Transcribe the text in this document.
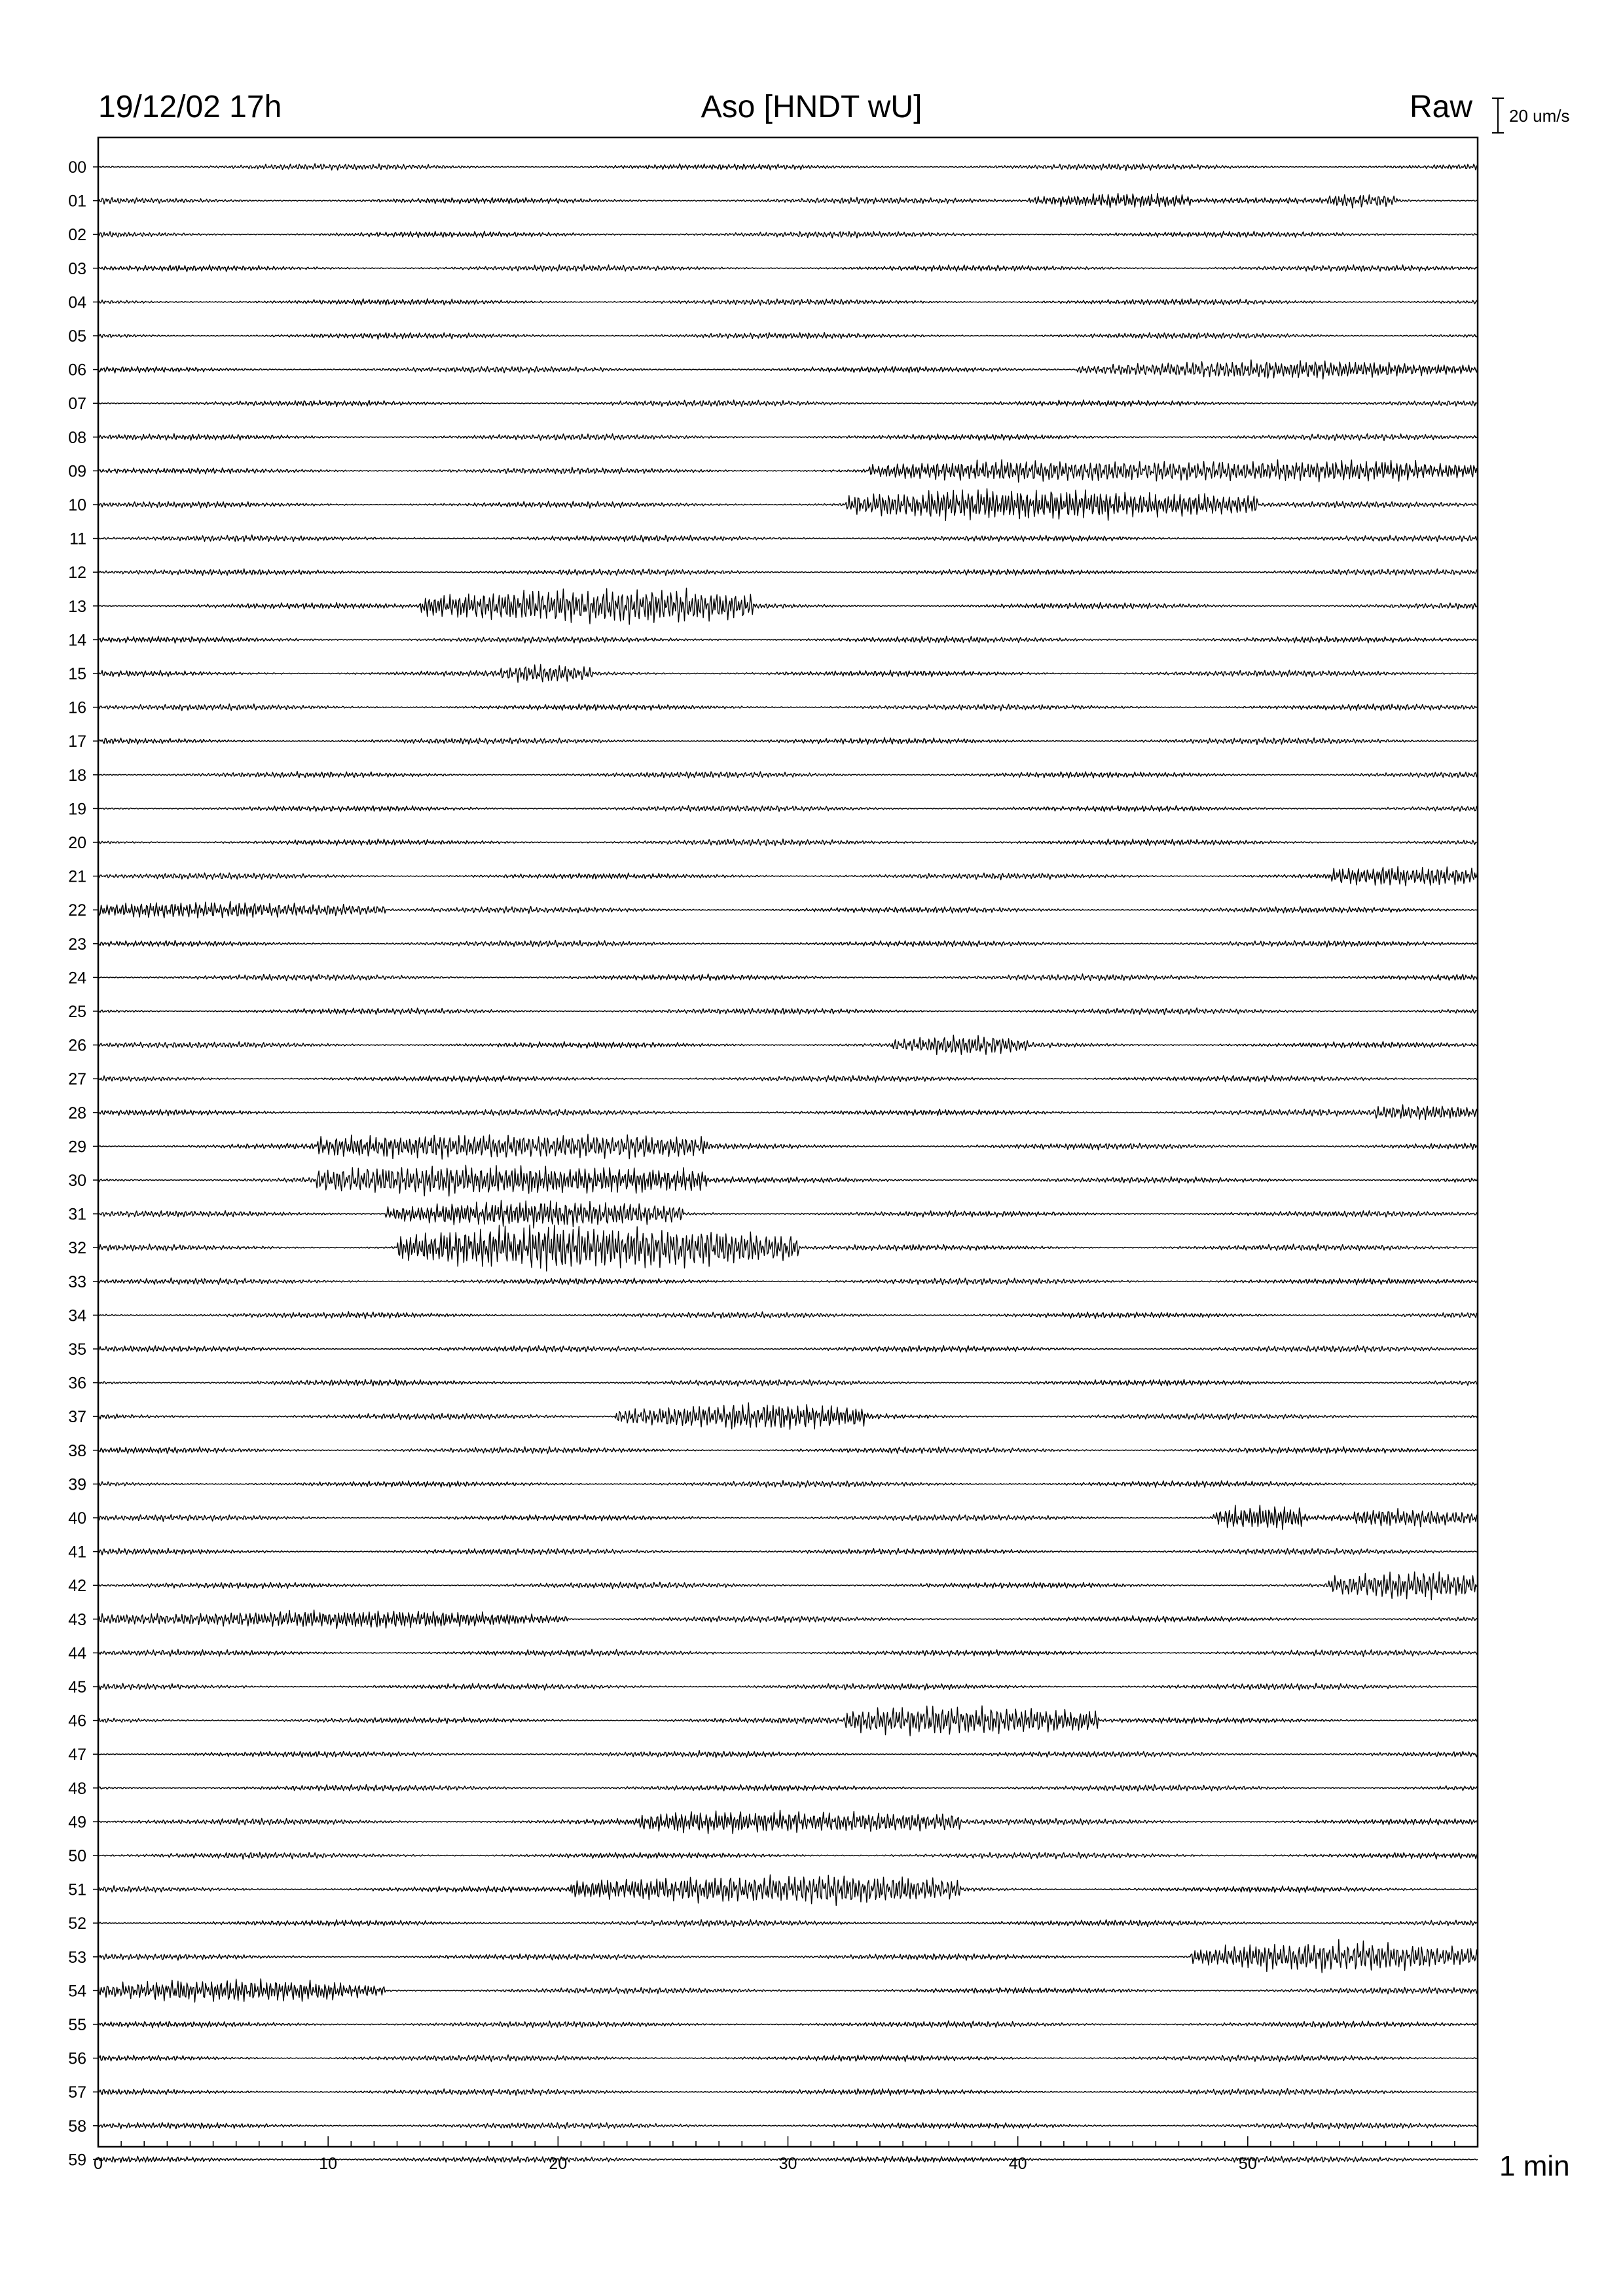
19/12/02 17h	Aso [HNDT wU]	Raw 20 um/s
1 min
00
01
02
03
04
05
06
07
08
09
10
11
12
13
14
15
16
17
18
19
20
21
22
23
24
25
26
27
28
29
30
31
32
33
34
35
36
37
38
39
40
41
42
43
44
45
46
47
48
49
50
51
52
53
54
55
56
57
58
59 0	10	20	30	40	50
